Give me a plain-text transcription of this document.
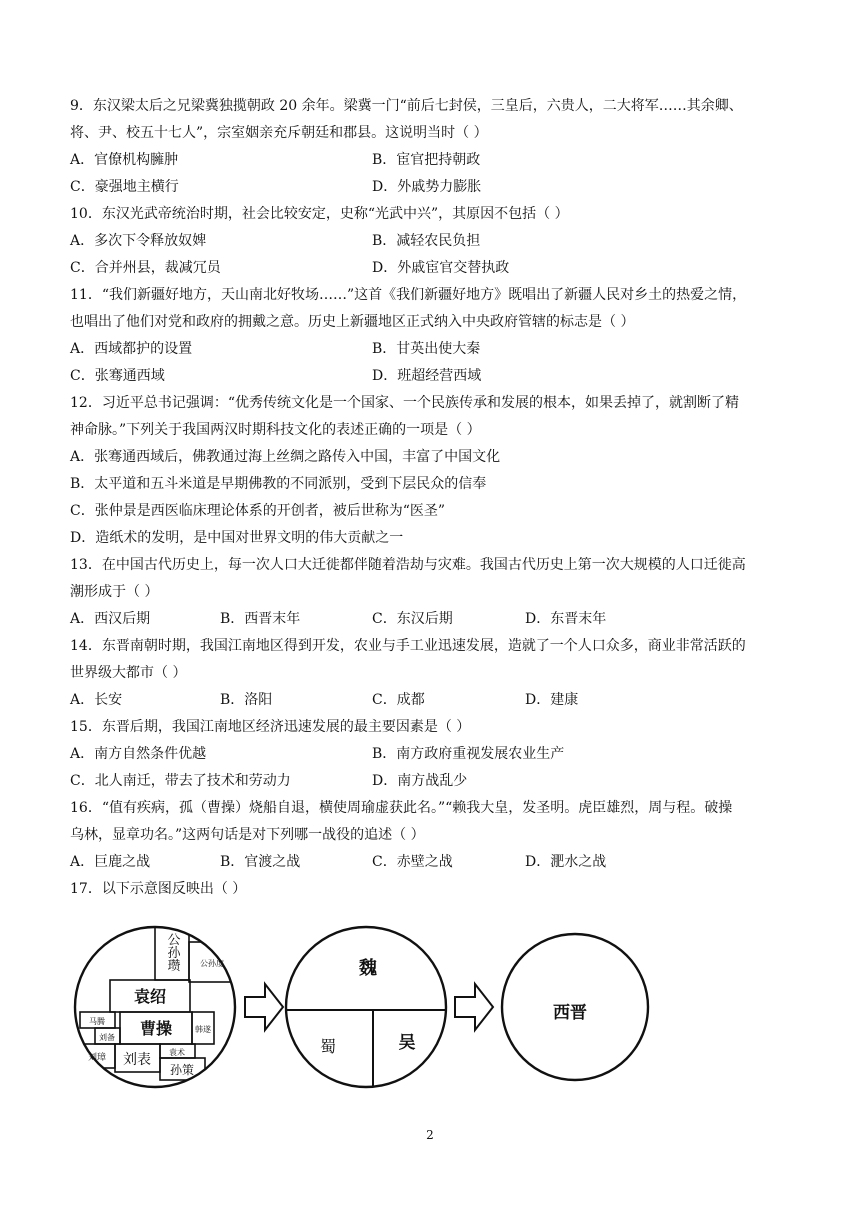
9．东汉梁太后之兄梁冀独揽朝政 20 余年。梁冀一门“前后七封侯，三皇后，六贵人，二大将军……其余卿、
将、尹、校五十七人”，宗室姻亲充斥朝廷和郡县。这说明当时（ ）
A．官僚机构臃肿	B．宦官把持朝政
C．豪强地主横行	D．外戚势力膨胀
10．东汉光武帝统治时期，社会比较安定，史称“光武中兴”，其原因不包括（ ）
A．多次下令释放奴婢	B．减轻农民负担
C．合并州县，裁减冗员	D．外戚宦官交替执政
11．“我们新疆好地方，天山南北好牧场……”这首《我们新疆好地方》既唱出了新疆人民对乡土的热爱之情，
也唱出了他们对党和政府的拥戴之意。历史上新疆地区正式纳入中央政府管辖的标志是（ ）
A．西域都护的设置	B．甘英出使大秦
C．张骞通西域	D．班超经营西域
12．习近平总书记强调：“优秀传统文化是一个国家、一个民族传承和发展的根本，如果丢掉了，就割断了精
神命脉。”下列关于我国两汉时期科技文化的表述正确的一项是（ ）
A．张骞通西域后，佛教通过海上丝绸之路传入中国，丰富了中国文化
B．太平道和五斗米道是早期佛教的不同派别，受到下层民众的信奉
C．张仲景是西医临床理论体系的开创者，被后世称为“医圣”
D．造纸术的发明，是中国对世界文明的伟大贡献之一
13．在中国古代历史上，每一次人口大迁徙都伴随着浩劫与灾难。我国古代历史上第一次大规模的人口迁徙高
潮形成于（ ）
A．西汉后期	B．西晋末年	C．东汉后期	D．东晋末年
14．东晋南朝时期，我国江南地区得到开发，农业与手工业迅速发展，造就了一个人口众多，商业非常活跃的
世界级大都市（ ）
A．长安	B．洛阳	C．成都	D．建康
15．东晋后期，我国江南地区经济迅速发展的最主要因素是（ ）
A．南方自然条件优越	B．南方政府重视发展农业生产
C．北人南迁，带去了技术和劳动力	D．南方战乱少
16．“值有疾病，孤（曹操）烧船自退，横使周瑜虚获此名。”“赖我大皇，发圣明。虎臣雄烈，周与程。破操
乌林，显章功名。”这两句话是对下列哪一战役的追述（ ）
A．巨鹿之战	B．官渡之战	C．赤壁之战	D．淝水之战
17．以下示意图反映出（ ）
公孙瓒	公孙度
袁绍
马腾 曹操
刘备
韩遂
刘璋 刘表 袁术
孙策
魏
蜀	吴
西晋
2
